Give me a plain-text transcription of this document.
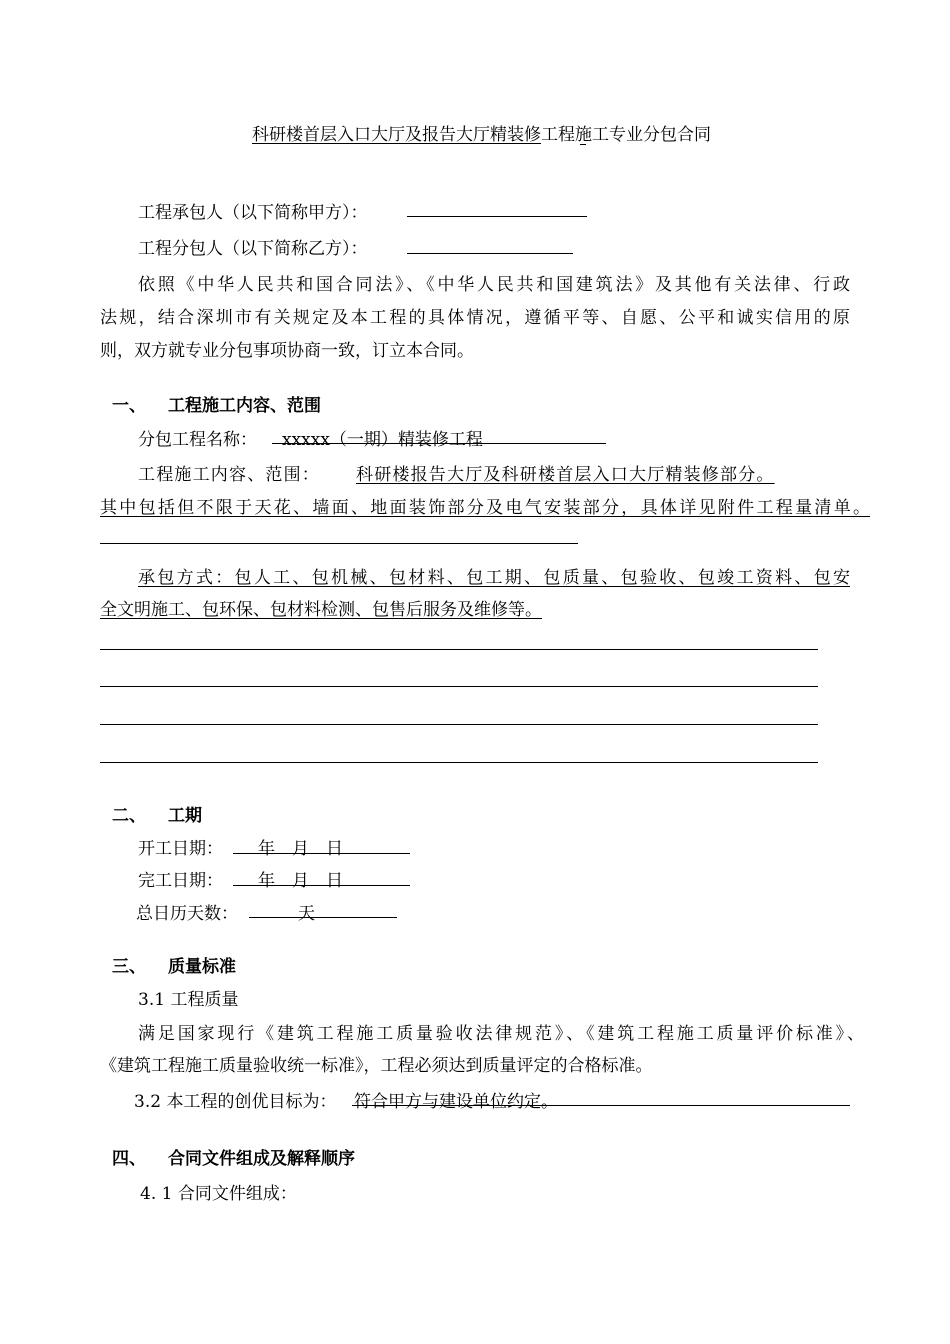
科研楼首层入口大厅及报告大厅精装修工程施工专业分包合同
工程承包人（以下简称甲方）：
工程分包人（以下简称乙方）：
依照《中华人民共和国合同法》、《中华人民共和国建筑法》及其他有关法律、行政
法规，结合深圳市有关规定及本工程的具体情况，遵循平等、自愿、公平和诚实信用的原
则，双方就专业分包事项协商一致，订立本合同。
一、 工程施工内容、范围
分包工程名称： xxxxx（一期）精装修工程
工程施工内容、范围： 科研楼报告大厅及科研楼首层入口大厅精装修部分。
其中包括但不限于天花、墙面、地面装饰部分及电气安装部分，具体详见附件工程量清单。
承包方式：包人工、包机械、包材料、包工期、包质量、包验收、包竣工资料、包安
全文明施工、包环保、包材料检测、包售后服务及维修等。
二、 工期
开工日期： 年　月　日
完工日期： 年　月　日
总日历天数：	天
三、 质量标准
3.1 工程质量
满足国家现行《建筑工程施工质量验收法律规范》、《建筑工程施工质量评价标准》、
《建筑工程施工质量验收统一标准》，工程必须达到质量评定的合格标准。
3.2 本工程的创优目标为： 符合甲方与建设单位约定。
四、 合同文件组成及解释顺序
4. 1 合同文件组成：
